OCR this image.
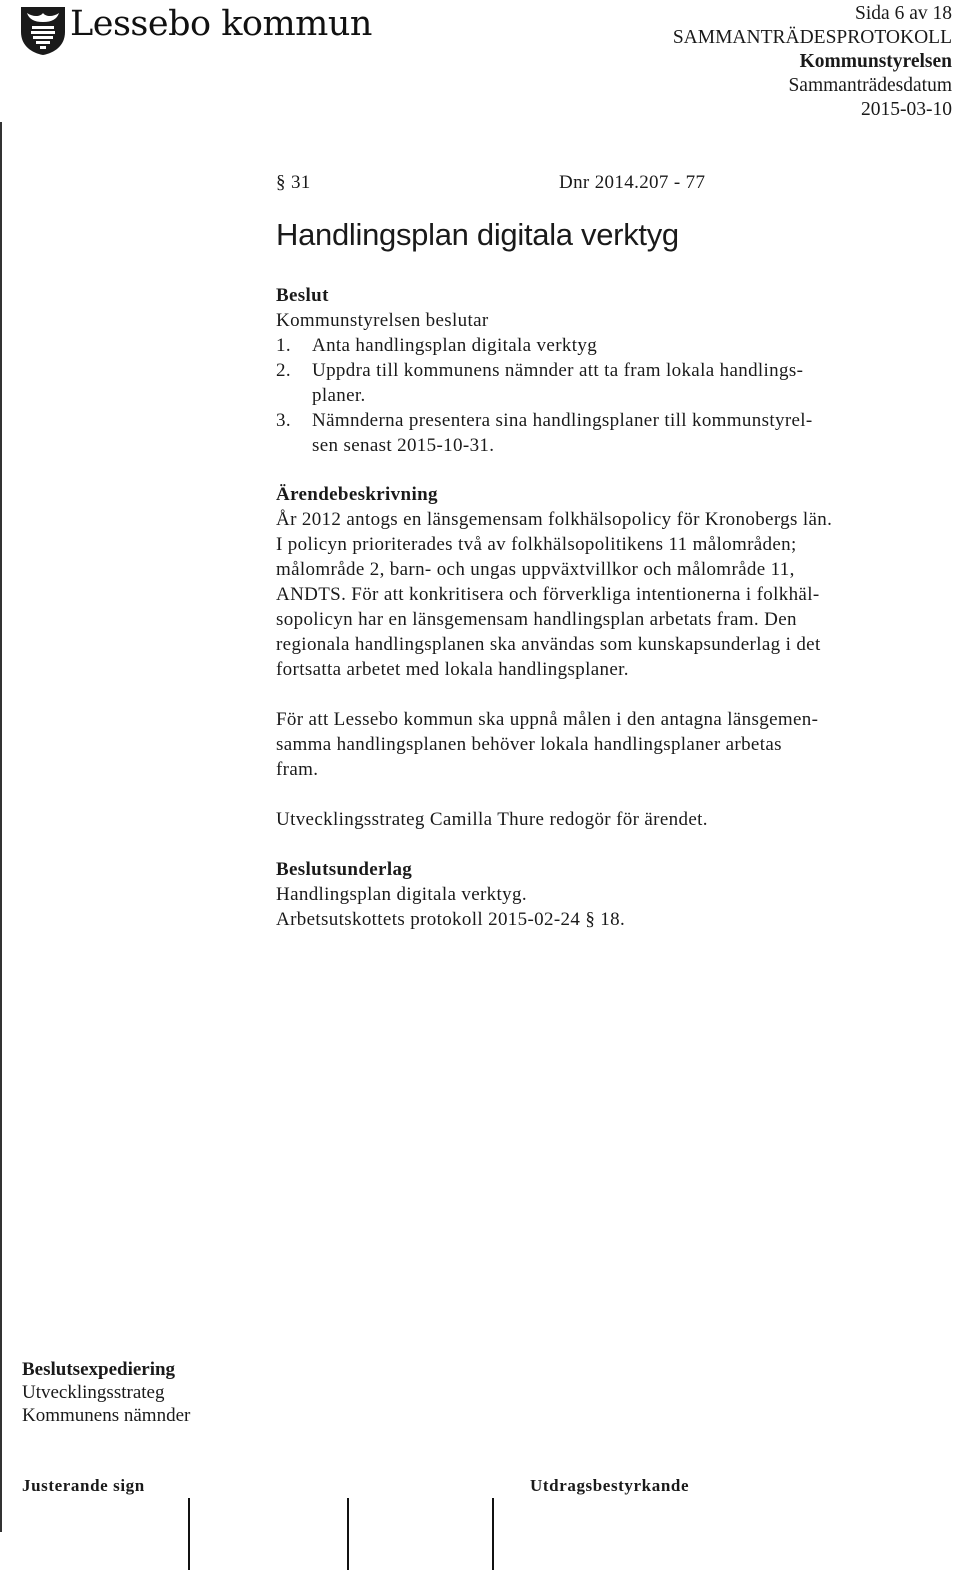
Lessebo kommun	Sida 6 av 18
SAMMANTRÄDESPROTOKOLL
Kommunstyrelsen
Sammanträdesdatum
2015-03-10
§ 31	Dnr 2014.207 - 77
Handlingsplan digitala verktyg
Beslut
Kommunstyrelsen beslutar
1.	Anta handlingsplan digitala verktyg
2.	Uppdra till kommunens nämnder att ta fram lokala handlings-
planer.
3.	Nämnderna presentera sina handlingsplaner till kommunstyrel-
sen senast 2015-10-31.
Ärendebeskrivning
År 2012 antogs en länsgemensam folkhälsopolicy för Kronobergs län.
I policyn prioriterades två av folkhälsopolitikens 11 målområden;
målområde 2, barn- och ungas uppväxtvillkor och målområde 11,
ANDTS. För att konkritisera och förverkliga intentionerna i folkhäl-
sopolicyn har en länsgemensam handlingsplan arbetats fram. Den
regionala handlingsplanen ska användas som kunskapsunderlag i det
fortsatta arbetet med lokala handlingsplaner.
För att Lessebo kommun ska uppnå målen i den antagna länsgemen-
samma handlingsplanen behöver lokala handlingsplaner arbetas
fram.
Utvecklingsstrateg Camilla Thure redogör för ärendet.
Beslutsunderlag
Handlingsplan digitala verktyg.
Arbetsutskottets protokoll 2015-02-24 § 18.
Beslutsexpediering
Utvecklingsstrateg
Kommunens nämnder
Justerande sign	Utdragsbestyrkande
